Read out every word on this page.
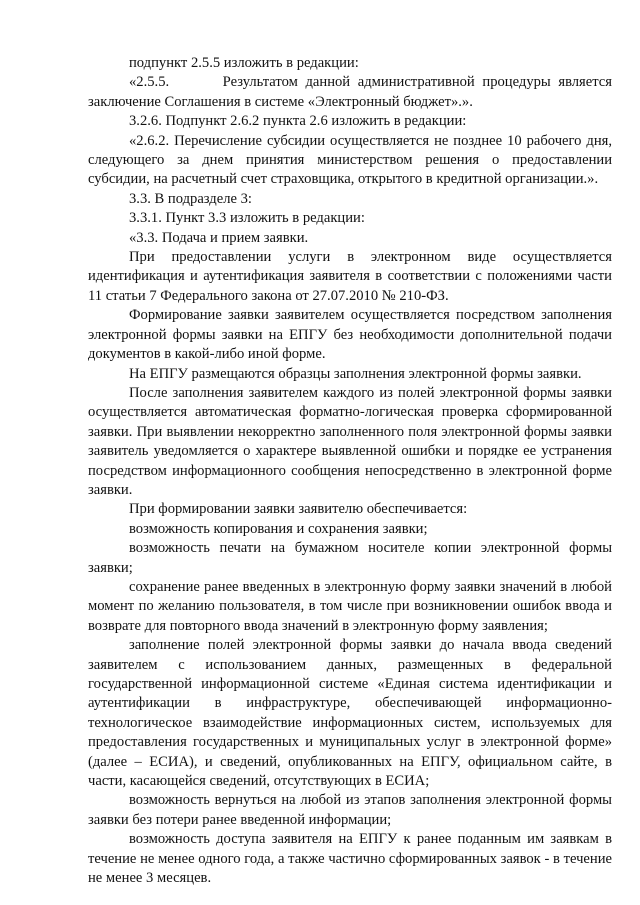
подпункт 2.5.5 изложить в редакции:

«2.5.5.       Результатом данной административной процедуры является заключение Соглашения в системе «Электронный бюджет».».

3.2.6. Подпункт 2.6.2 пункта 2.6 изложить в редакции:

«2.6.2. Перечисление субсидии осуществляется не позднее 10 рабочего дня, следующего за днем принятия министерством решения о предоставлении субсидии, на расчетный счет страховщика, открытого в кредитной организации.».

3.3. В подразделе 3:

3.3.1. Пункт 3.3 изложить в редакции:

«3.3. Подача и прием заявки.

При предоставлении услуги в электронном виде осуществляется идентификация и аутентификация заявителя в соответствии с положениями части 11 статьи 7 Федерального закона от 27.07.2010 № 210-ФЗ.

Формирование заявки заявителем осуществляется посредством заполнения электронной формы заявки на ЕПГУ без необходимости дополнительной подачи документов в какой-либо иной форме.

На ЕПГУ размещаются образцы заполнения электронной формы заявки.

После заполнения заявителем каждого из полей электронной формы заявки осуществляется автоматическая форматно-логическая проверка сформированной заявки. При выявлении некорректно заполненного поля электронной формы заявки заявитель уведомляется о характере выявленной ошибки и порядке ее устранения посредством информационного сообщения непосредственно в электронной форме заявки.

При формировании заявки заявителю обеспечивается:

возможность копирования и сохранения заявки;

возможность печати на бумажном носителе копии электронной формы заявки;

сохранение ранее введенных в электронную форму заявки значений в любой момент по желанию пользователя, в том числе при возникновении ошибок ввода и возврате для повторного ввода значений в электронную форму заявления;

заполнение полей электронной формы заявки до начала ввода сведений заявителем с использованием данных, размещенных в федеральной государственной информационной системе «Единая система идентификации и аутентификации в инфраструктуре, обеспечивающей информационно-технологическое взаимодействие информационных систем, используемых для предоставления государственных и муниципальных услуг в электронной форме» (далее – ЕСИА), и сведений, опубликованных на ЕПГУ, официальном сайте, в части, касающейся сведений, отсутствующих в ЕСИА;

возможность вернуться на любой из этапов заполнения электронной формы заявки без потери ранее введенной информации;

возможность доступа заявителя на ЕПГУ к ранее поданным им заявкам в течение не менее одного года, а также частично сформированных заявок - в течение не менее 3 месяцев.
